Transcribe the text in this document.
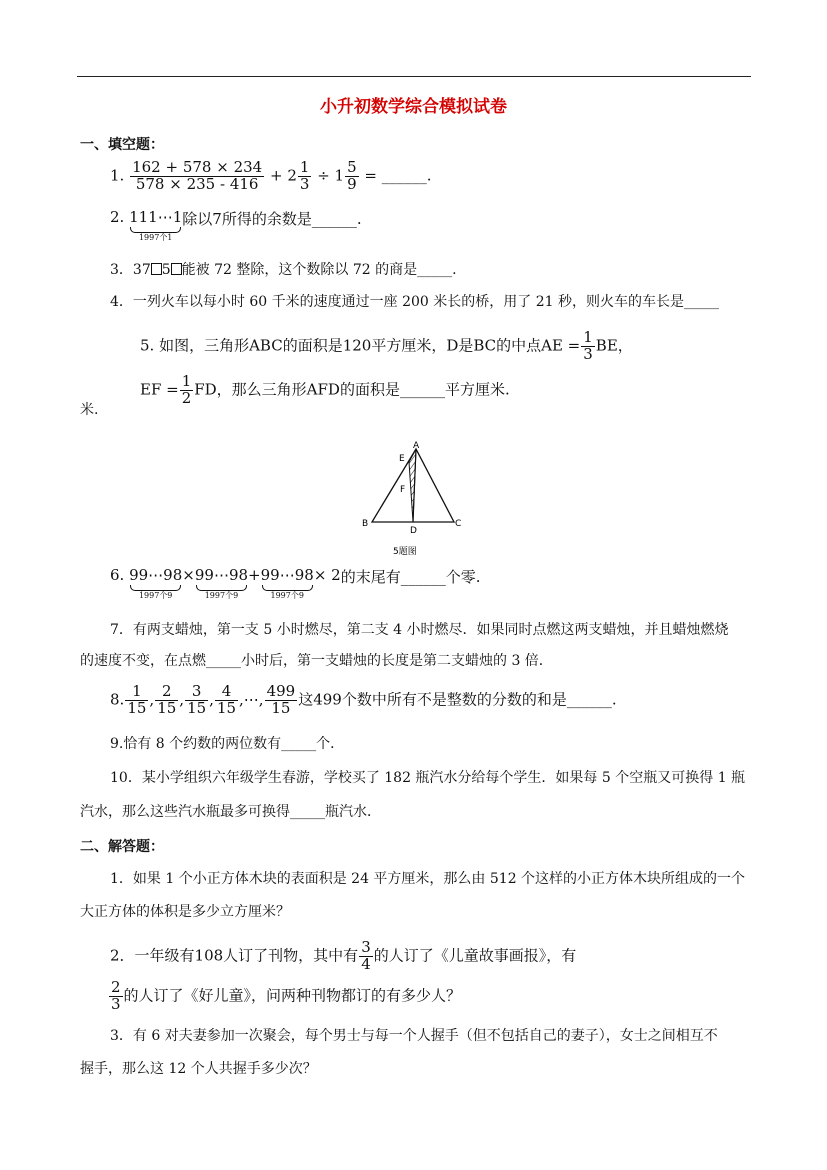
小升初数学综合模拟试卷
一、填空题：
1. $\frac{162 + 578 \times 234}{578 \times 235 - 416} + 2 \frac{1}{3} \div 1 \frac{5}{9}$ = ______.
2. 111⋯1
1997个1
除以7所得的余数是______.
3．37 5 能被 72 整除，这个数除以 72 的商是_____.
4．一列火车以每小时 60 千米的速度通过一座 200 米长的桥，用了 21 秒，则火车的车长是_____
5. 如图，三角形ABC的面积是120平方厘米，D是BC的中点AE = $\frac{1}{3}$ BE，
EF = $\frac{1}{2}$ FD，那么三角形AFD的面积是______平方厘米.
米.
A
E
F
B
D
C
5题图
6. 99⋯98
1997个9
×99⋯98
1997个9
+99⋯98
1997个9
× 2的末尾有______个零.
7．有两支蜡烛，第一支 5 小时燃尽，第二支 4 小时燃尽．如果同时点燃这两支蜡烛，并且蜡烛燃烧
的速度不变，在点燃_____小时后，第一支蜡烛的长度是第二支蜡烛的 3 倍．
8. $\frac{1}{15}$ , $\frac{2}{15}$ , $\frac{3}{15}$ , $\frac{4}{15}$ ,⋯, $\frac{499}{15}$ 这499个数中所有不是整数的分数的和是______.
9.恰有 8 个约数的两位数有_____个．
10．某小学组织六年级学生春游，学校买了 182 瓶汽水分给每个学生．如果每 5 个空瓶又可换得 1 瓶
汽水，那么这些汽水瓶最多可换得_____瓶汽水．
二、解答题：
1．如果 1 个小正方体木块的表面积是 24 平方厘米，那么由 512 个这样的小正方体木块所组成的一个
大正方体的体积是多少立方厘米？
2．一年级有108人订了刊物，其中有 $\frac{3}{4}$ 的人订了《儿童故事画报》，有
$\frac{2}{3}$ 的人订了《好儿童》，问两种刊物都订的有多少人？
3．有 6 对夫妻参加一次聚会，每个男士与每一个人握手（但不包括自己的妻子），女士之间相互不
握手，那么这 12 个人共握手多少次？
